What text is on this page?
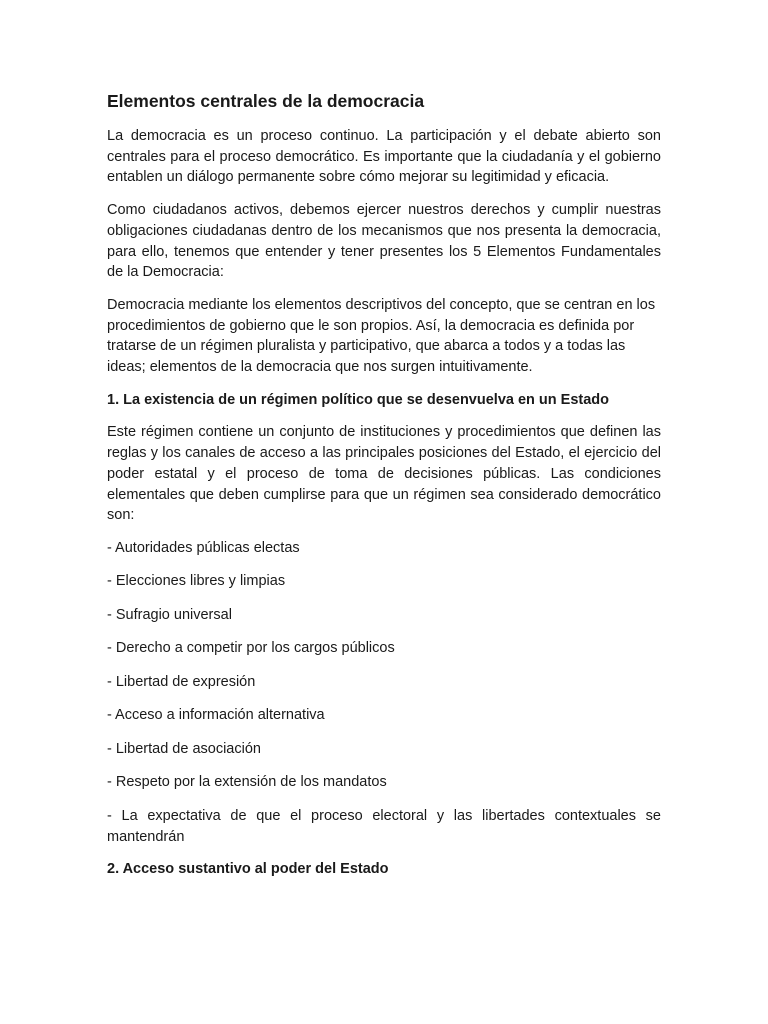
Elementos centrales de la democracia

La democracia es un proceso continuo. La participación y el debate abierto son centrales para el proceso democrático. Es importante que la ciudadanía y el gobierno entablen un diálogo permanente sobre cómo mejorar su legitimidad y eficacia.

Como ciudadanos activos, debemos ejercer nuestros derechos y cumplir nuestras obligaciones ciudadanas dentro de los mecanismos que nos presenta la democracia, para ello, tenemos que entender y tener presentes los 5 Elementos Fundamentales de la Democracia:

Democracia mediante los elementos descriptivos del concepto, que se centran en los procedimientos de gobierno que le son propios. Así, la democracia es definida por tratarse de un régimen pluralista y participativo, que abarca a todos y a todas las ideas; elementos de la democracia que nos surgen intuitivamente.

1. La existencia de un régimen político que se desenvuelva en un Estado

Este régimen contiene un conjunto de instituciones y procedimientos que definen las reglas y los canales de acceso a las principales posiciones del Estado, el ejercicio del poder estatal y el proceso de toma de decisiones públicas. Las condiciones elementales que deben cumplirse para que un régimen sea considerado democrático son:

- Autoridades públicas electas
- Elecciones libres y limpias
- Sufragio universal
- Derecho a competir por los cargos públicos
- Libertad de expresión
- Acceso a información alternativa
- Libertad de asociación
- Respeto por la extensión de los mandatos
- La expectativa de que el proceso electoral y las libertades contextuales se mantendrán
2. Acceso sustantivo al poder del Estado
